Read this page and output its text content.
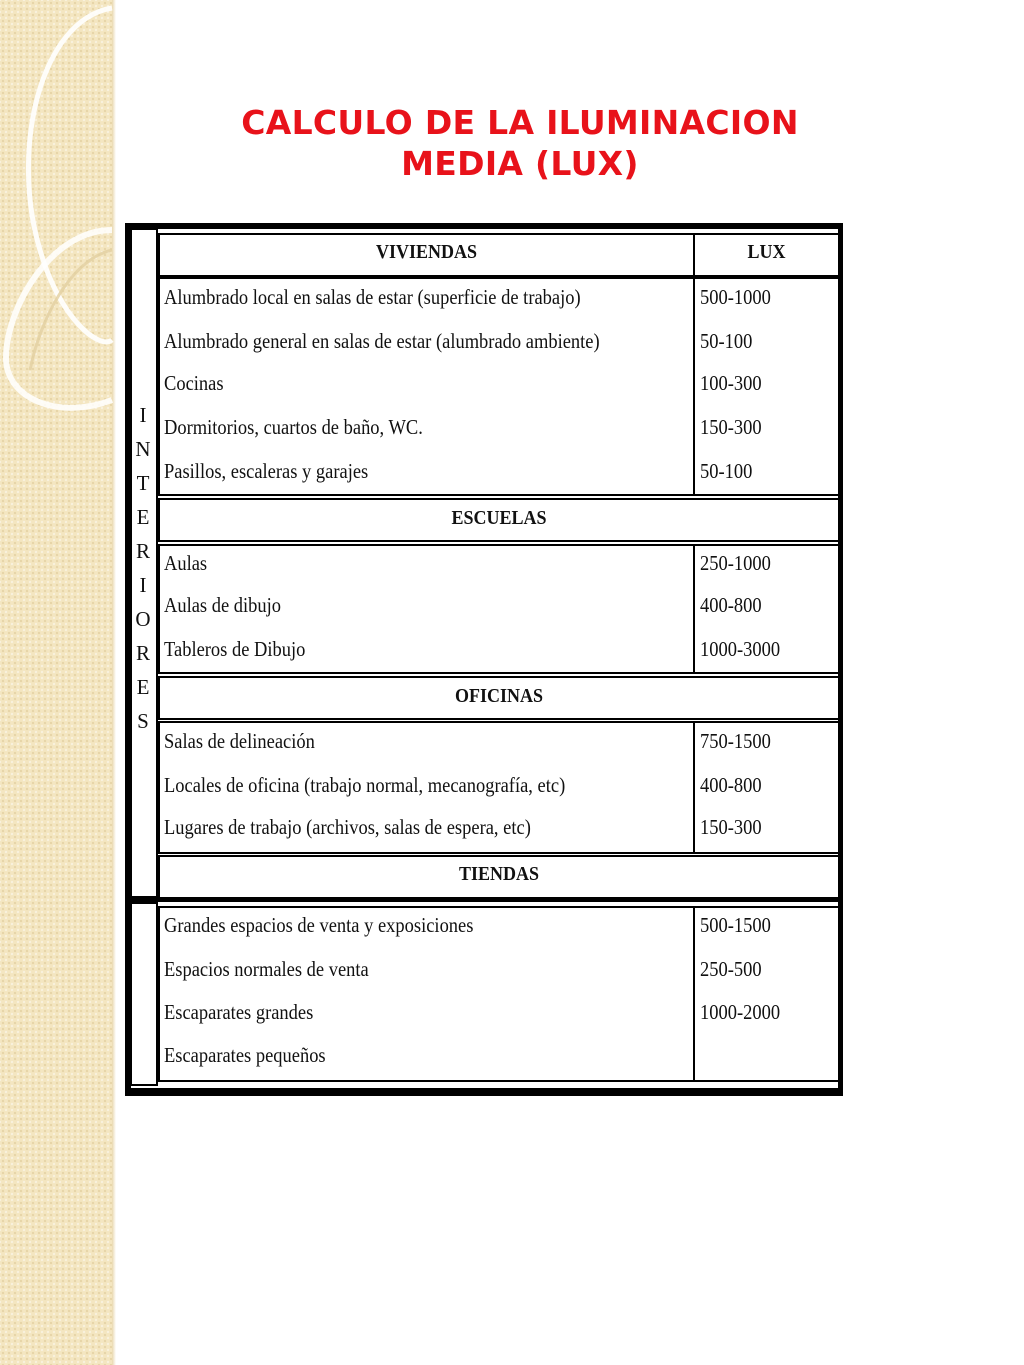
CALCULO DE LA ILUMINACION
MEDIA (LUX)
I
N
T
E
R
I
O
R
E
S
VIVIENDAS	LUX
Alumbrado local en salas de estar (superficie de trabajo)	500-1000
Alumbrado general en salas de estar (alumbrado ambiente)	50-100
Cocinas	100-300
Dormitorios, cuartos de baño, WC.	150-300
Pasillos, escaleras y garajes	50-100
ESCUELAS
Aulas	250-1000
Aulas de dibujo	400-800
Tableros de Dibujo	1000-3000
OFICINAS
Salas de delineación	750-1500
Locales de oficina (trabajo normal, mecanografía, etc)	400-800
Lugares de trabajo (archivos, salas de espera, etc)	150-300
TIENDAS
Grandes espacios de venta y exposiciones	500-1500
Espacios normales de venta	250-500
Escaparates grandes	1000-2000
Escaparates pequeños
